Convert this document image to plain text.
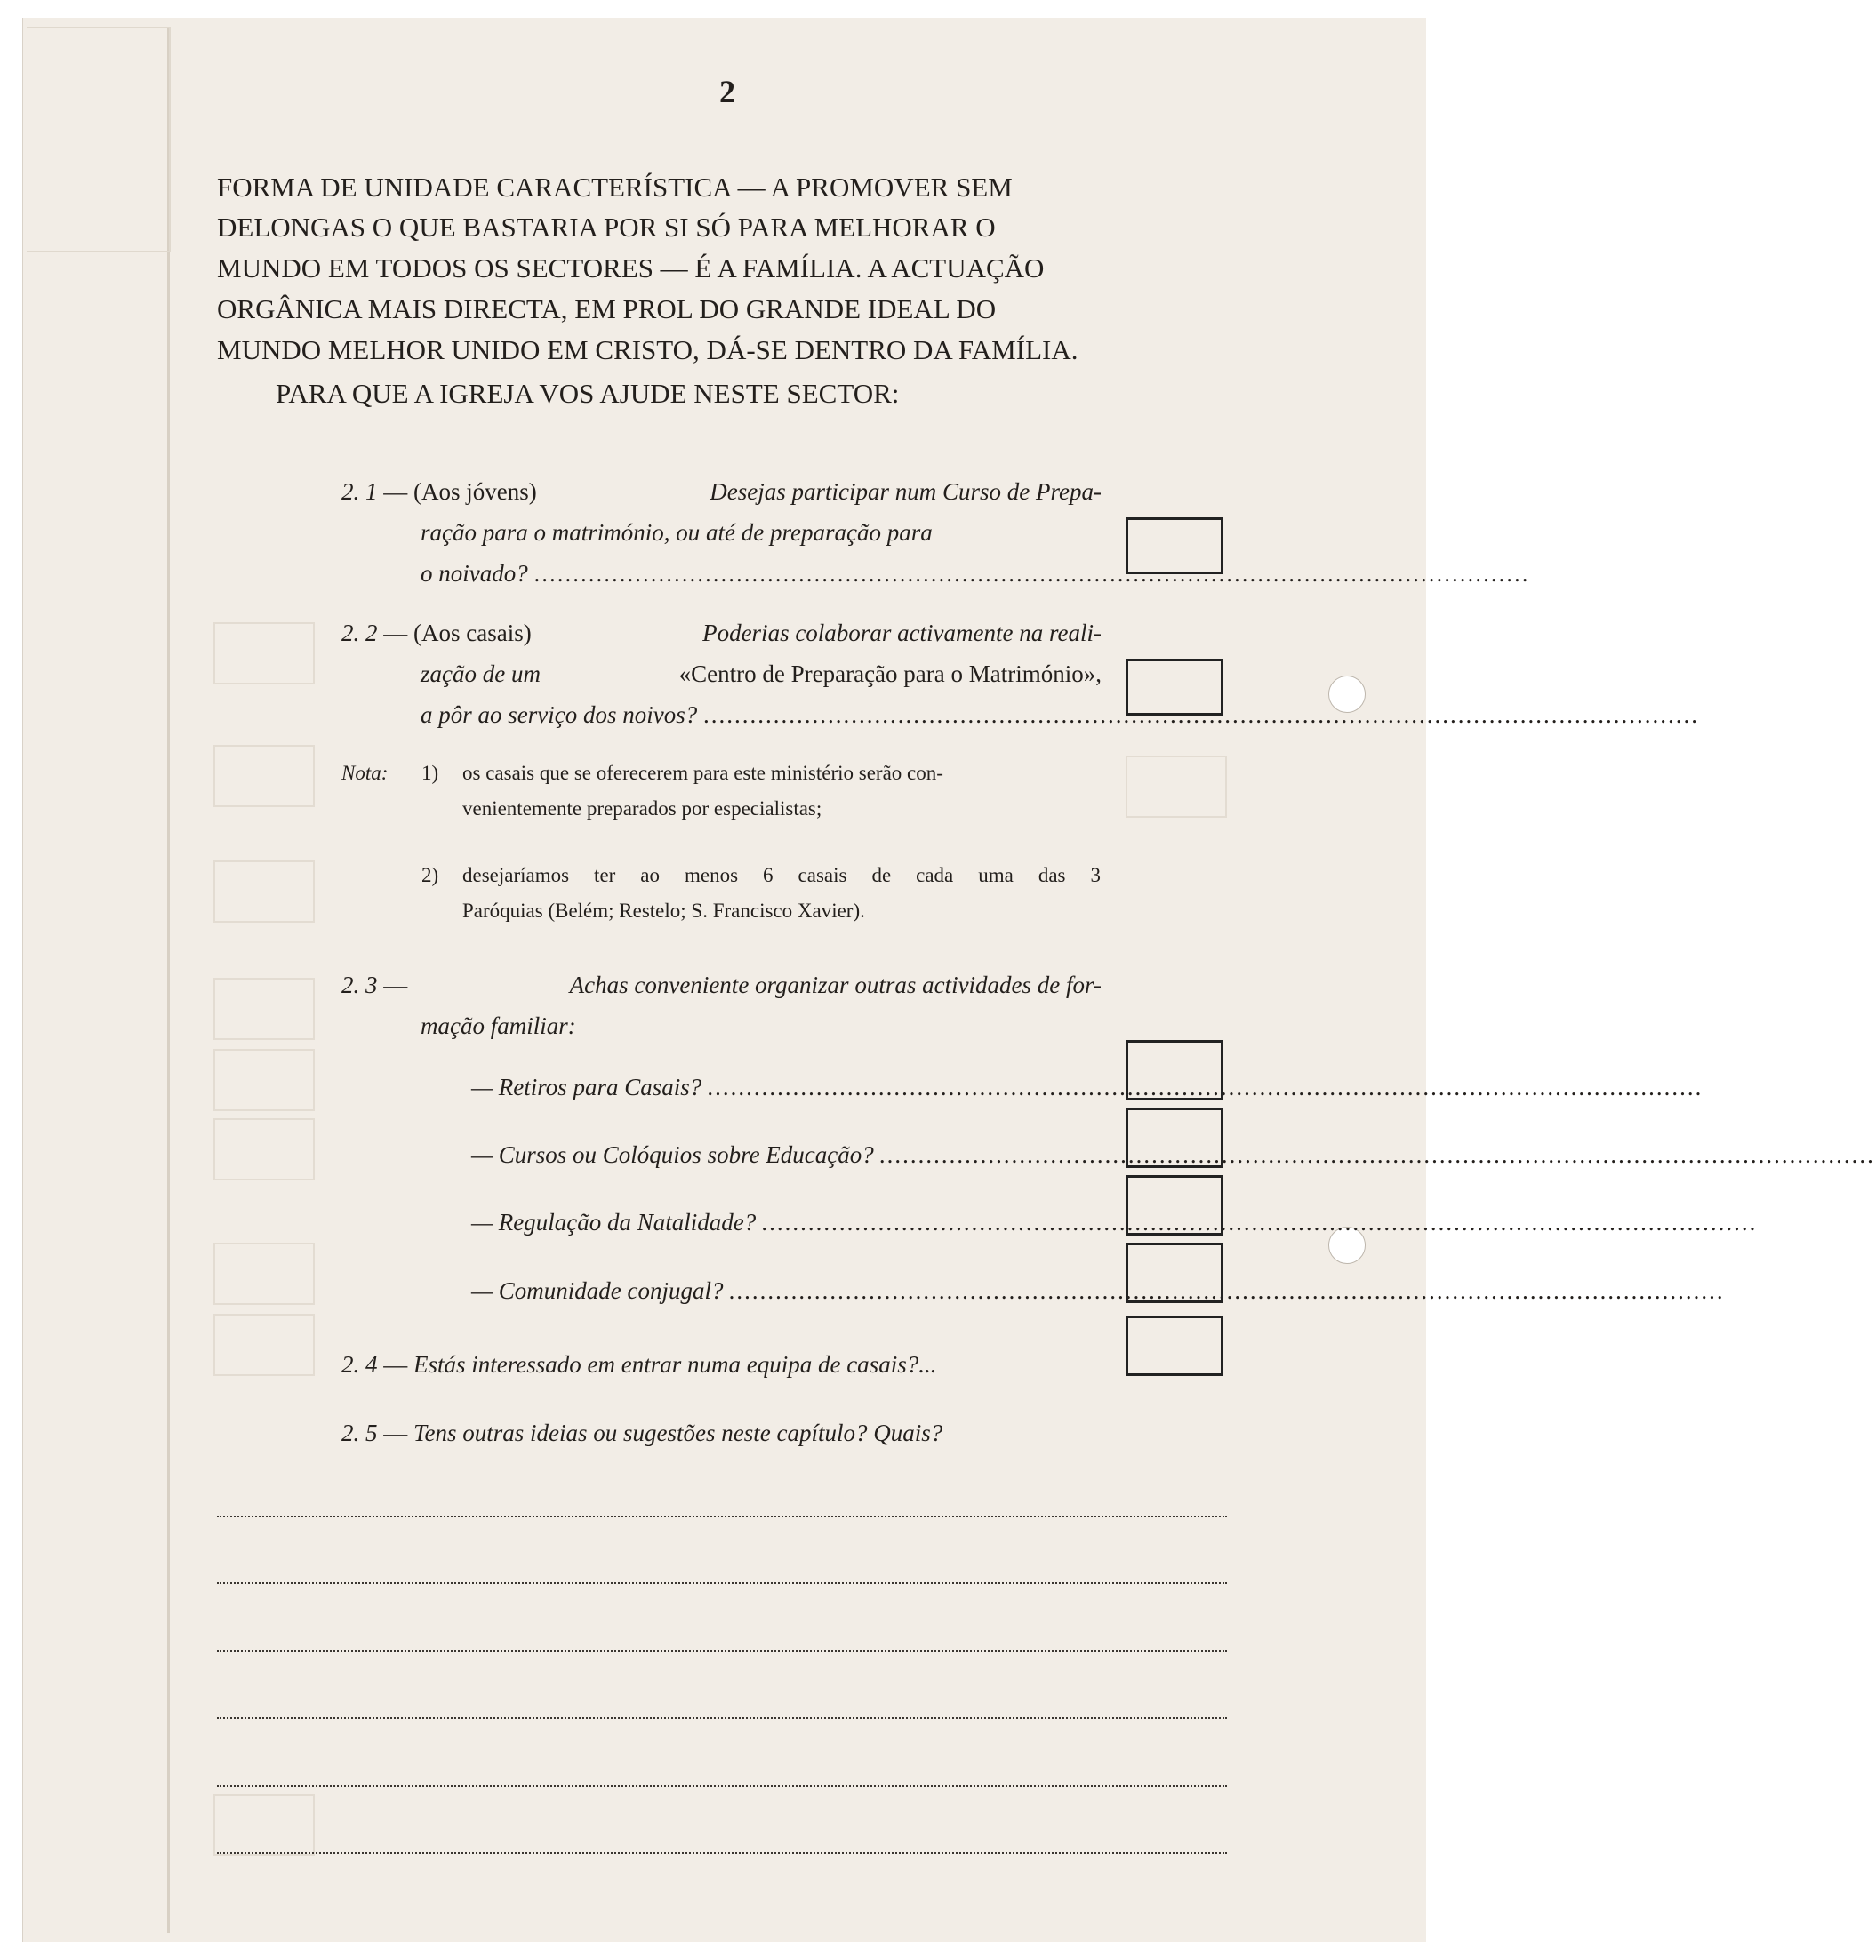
2
FORMA DE UNIDADE CARACTERÍSTICA — A PROMOVER SEM
DELONGAS O QUE BASTARIA POR SI SÓ PARA MELHORAR O
MUNDO EM TODOS OS SECTORES — É A FAMÍLIA. A ACTUAÇÃO
ORGÂNICA MAIS DIRECTA, EM PROL DO GRANDE IDEAL DO
MUNDO MELHOR UNIDO EM CRISTO, DÁ-SE DENTRO DA FAMÍLIA.
PARA QUE A IGREJA VOS AJUDE NESTE SECTOR:
2. 1 — (Aos jóvens)	Desejas participar num Curso de Prepa-
ração para o matrimónio, ou até de preparação para
o noivado? ................................................................................................................................
2. 2 — (Aos casais)	Poderias colaborar activamente na reali-
zação de um	«Centro de Preparação para o Matrimónio»,
a pôr ao serviço dos noivos? ................................................................................................................................
Nota: 1) os casais que se oferecerem para este ministério serão con-
venientemente preparados por especialistas;
2) desejaríamos ter ao menos 6 casais de cada uma das 3
Paróquias (Belém; Restelo; S. Francisco Xavier).
2. 3 —	Achas conveniente organizar outras actividades de for-
mação familiar:
— Retiros para Casais? ................................................................................................................................
— Cursos ou Colóquios sobre Educação? ................................................................................................................................
— Regulação da Natalidade? ................................................................................................................................
— Comunidade conjugal? ................................................................................................................................
2. 4 — Estás interessado em entrar numa equipa de casais?...
2. 5 — Tens outras ideias ou sugestões neste capítulo? Quais?
